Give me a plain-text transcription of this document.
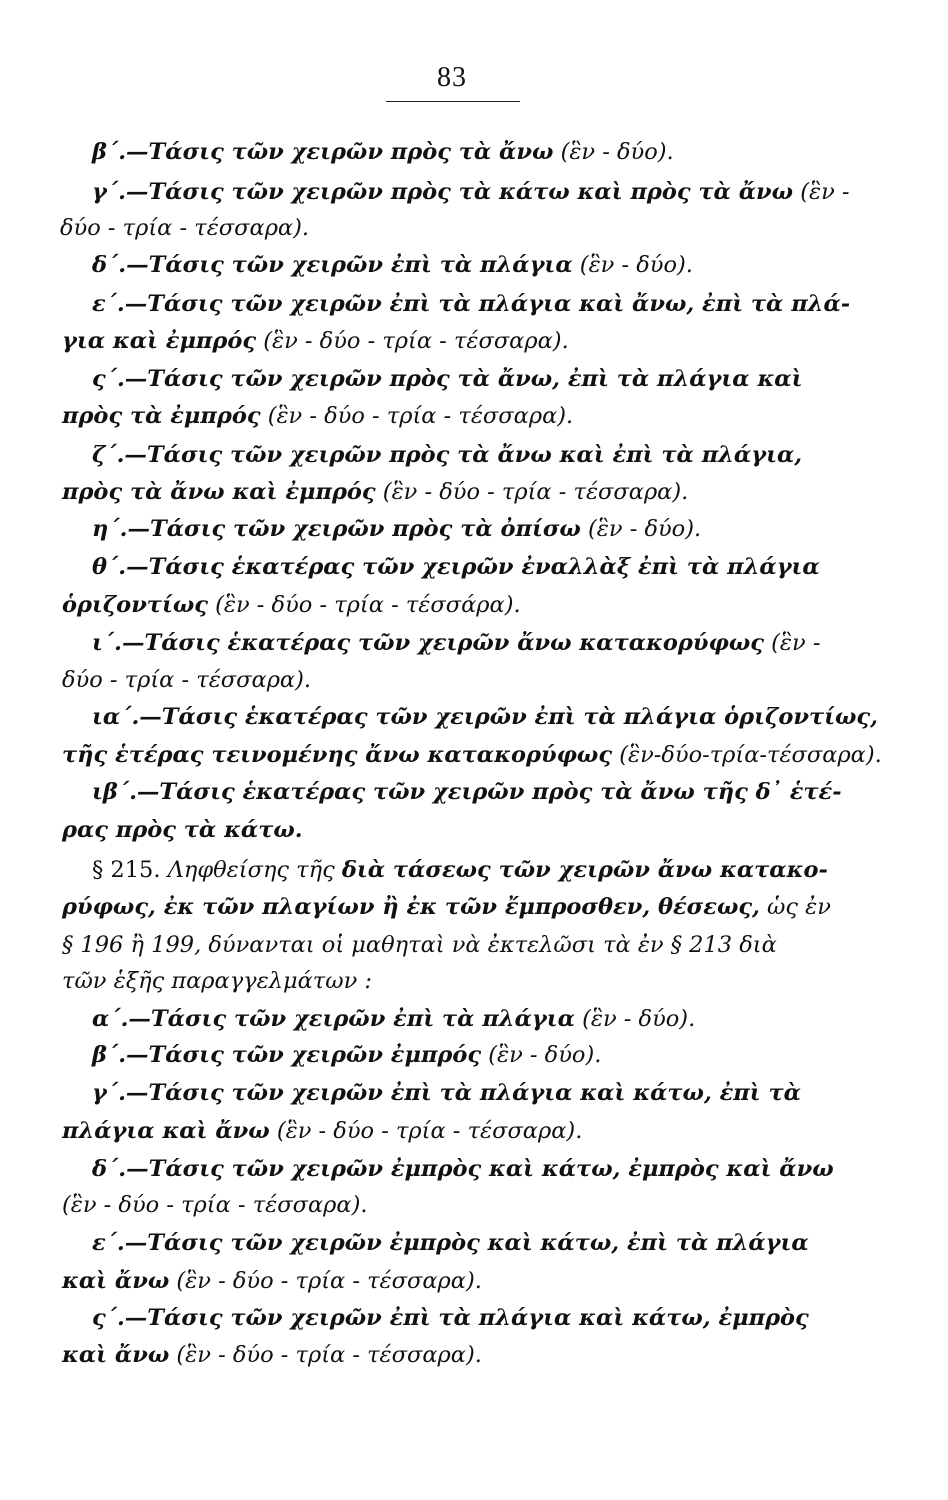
83
β΄.—Τάσις τῶν χειρῶν πρὸς τὰ ἄνω (ἓν - δύο).
γ΄.—Τάσις τῶν χειρῶν πρὸς τὰ κάτω καὶ πρὸς τὰ ἄνω (ἓν -
δύο - τρία - τέσσαρα).
δ΄.—Τάσις τῶν χειρῶν ἐπὶ τὰ πλάγια (ἓν - δύο).
ε΄.—Τάσις τῶν χειρῶν ἐπὶ τὰ πλάγια καὶ ἄνω, ἐπὶ τὰ πλά-
για καὶ ἐμπρός (ἓν - δύο - τρία - τέσσαρα).
ς΄.—Τάσις τῶν χειρῶν πρὸς τὰ ἄνω, ἐπὶ τὰ πλάγια καὶ
πρὸς τὰ ἐμπρός (ἓν - δύο - τρία - τέσσαρα).
ζ΄.—Τάσις τῶν χειρῶν πρὸς τὰ ἄνω καὶ ἐπὶ τὰ πλάγια,
πρὸς τὰ ἄνω καὶ ἐμπρός (ἓν - δύο - τρία - τέσσαρα).
η΄.—Τάσις τῶν χειρῶν πρὸς τὰ ὀπίσω (ἓν - δύο).
θ΄.—Τάσις ἑκατέρας τῶν χειρῶν ἐναλλὰξ ἐπὶ τὰ πλάγια
ὁριζοντίως (ἓν - δύο - τρία - τέσσάρα).
ι΄.—Τάσις ἑκατέρας τῶν χειρῶν ἄνω κατακορύφως (ἓν -
δύο - τρία - τέσσαρα).
ια΄.—Τάσις ἑκατέρας τῶν χειρῶν ἐπὶ τὰ πλάγια ὁριζοντίως,
τῆς ἑτέρας τεινομένης ἄνω κατακορύφως (ἓν-δύο-τρία-τέσσαρα).
ιβ΄.—Τάσις ἑκατέρας τῶν χειρῶν πρὸς τὰ ἄνω τῆς δ᾽ ἑτέ-
ρας πρὸς τὰ κάτω.
§ 215. Ληφθείσης τῆς διὰ τάσεως τῶν χειρῶν ἄνω κατακο-
ρύφως, ἐκ τῶν πλαγίων ἢ ἐκ τῶν ἔμπροσθεν, θέσεως, ὡς ἐν
§ 196 ἢ 199, δύνανται οἱ μαθηταὶ νὰ ἐκτελῶσι τὰ ἐν § 213 διὰ
τῶν ἑξῆς παραγγελμάτων :
α΄.—Τάσις τῶν χειρῶν ἐπὶ τὰ πλάγια (ἓν - δύο).
β΄.—Τάσις τῶν χειρῶν ἐμπρός (ἓν - δύο).
γ΄.—Τάσις τῶν χειρῶν ἐπὶ τὰ πλάγια καὶ κάτω, ἐπὶ τὰ
πλάγια καὶ ἄνω (ἓν - δύο - τρία - τέσσαρα).
δ΄.—Τάσις τῶν χειρῶν ἐμπρὸς καὶ κάτω, ἐμπρὸς καὶ ἄνω
(ἓν - δύο - τρία - τέσσαρα).
ε΄.—Τάσις τῶν χειρῶν ἐμπρὸς καὶ κάτω, ἐπὶ τὰ πλάγια
καὶ ἄνω (ἓν - δύο - τρία - τέσσαρα).
ς΄.—Τάσις τῶν χειρῶν ἐπὶ τὰ πλάγια καὶ κάτω, ἐμπρὸς
καὶ ἄνω (ἓν - δύο - τρία - τέσσαρα).
